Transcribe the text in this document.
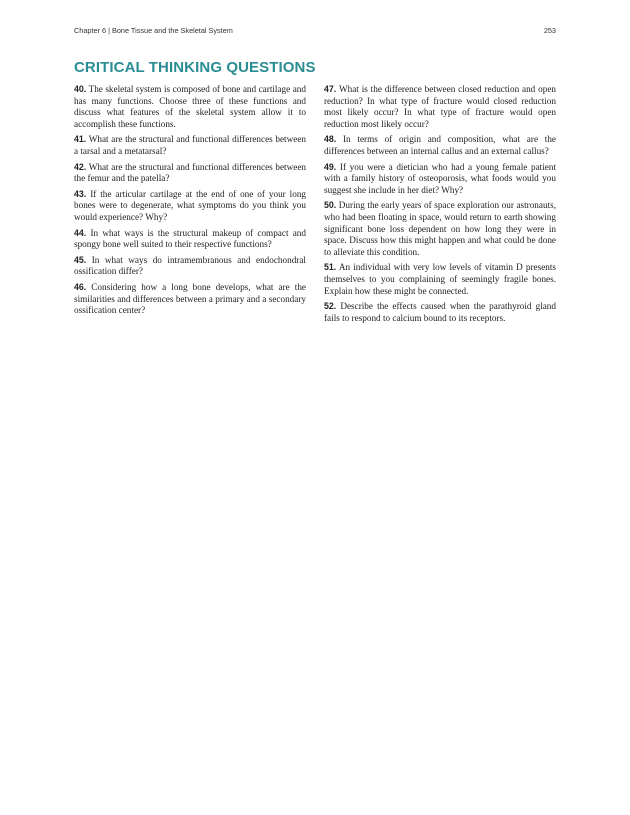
Chapter 6 | Bone Tissue and the Skeletal System	253
CRITICAL THINKING QUESTIONS

40. The skeletal system is composed of bone and cartilage and has many functions. Choose three of these functions and discuss what features of the skeletal system allow it to accomplish these functions.

41. What are the structural and functional differences between a tarsal and a metatarsal?

42. What are the structural and functional differences between the femur and the patella?

43. If the articular cartilage at the end of one of your long bones were to degenerate, what symptoms do you think you would experience? Why?

44. In what ways is the structural makeup of compact and spongy bone well suited to their respective functions?

45. In what ways do intramembranous and endochondral ossification differ?

46. Considering how a long bone develops, what are the similarities and differences between a primary and a secondary ossification center?

47. What is the difference between closed reduction and open reduction? In what type of fracture would closed reduction most likely occur? In what type of fracture would open reduction most likely occur?

48. In terms of origin and composition, what are the differences between an internal callus and an external callus?

49. If you were a dietician who had a young female patient with a family history of osteoporosis, what foods would you suggest she include in her diet? Why?

50. During the early years of space exploration our astronauts, who had been floating in space, would return to earth showing significant bone loss dependent on how long they were in space. Discuss how this might happen and what could be done to alleviate this condition.

51. An individual with very low levels of vitamin D presents themselves to you complaining of seemingly fragile bones. Explain how these might be connected.

52. Describe the effects caused when the parathyroid gland fails to respond to calcium bound to its receptors.
